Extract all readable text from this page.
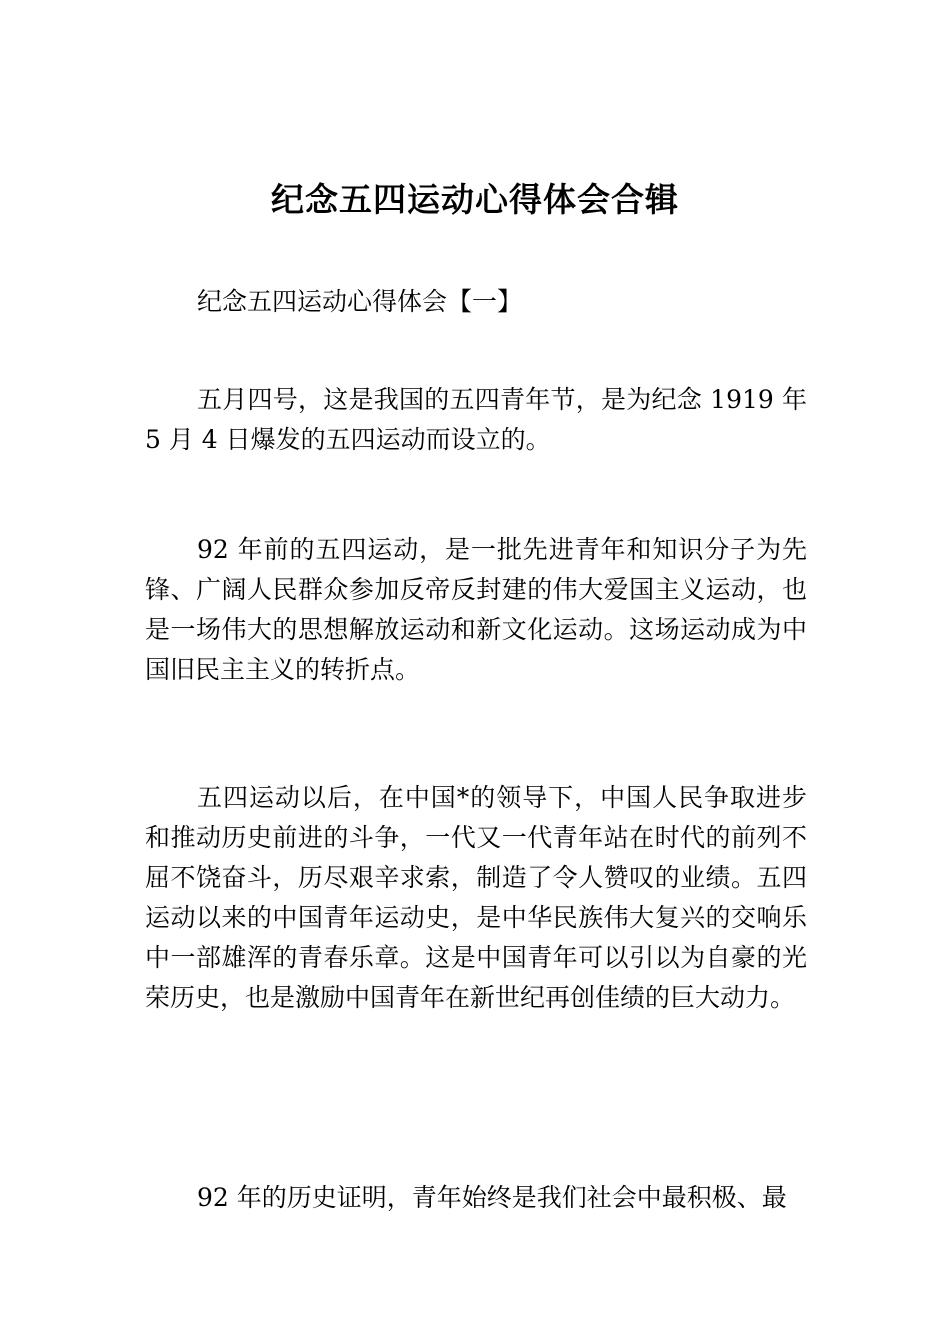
纪念五四运动心得体会合辑
纪念五四运动心得体会【一】
五月四号，这是我国的五四青年节，是为纪念 1919 年 5 月 4 日爆发的五四运动而设立的。
92 年前的五四运动，是一批先进青年和知识分子为先锋、广阔人民群众参加反帝反封建的伟大爱国主义运动，也是一场伟大的思想解放运动和新文化运动。这场运动成为中国旧民主主义的转折点。
五四运动以后，在中国*的领导下，中国人民争取进步和推动历史前进的斗争，一代又一代青年站在时代的前列不屈不饶奋斗，历尽艰辛求索，制造了令人赞叹的业绩。五四运动以来的中国青年运动史，是中华民族伟大复兴的交响乐中一部雄浑的青春乐章。这是中国青年可以引以为自豪的光荣历史，也是激励中国青年在新世纪再创佳绩的巨大动力。
92 年的历史证明，青年始终是我们社会中最积极、最
